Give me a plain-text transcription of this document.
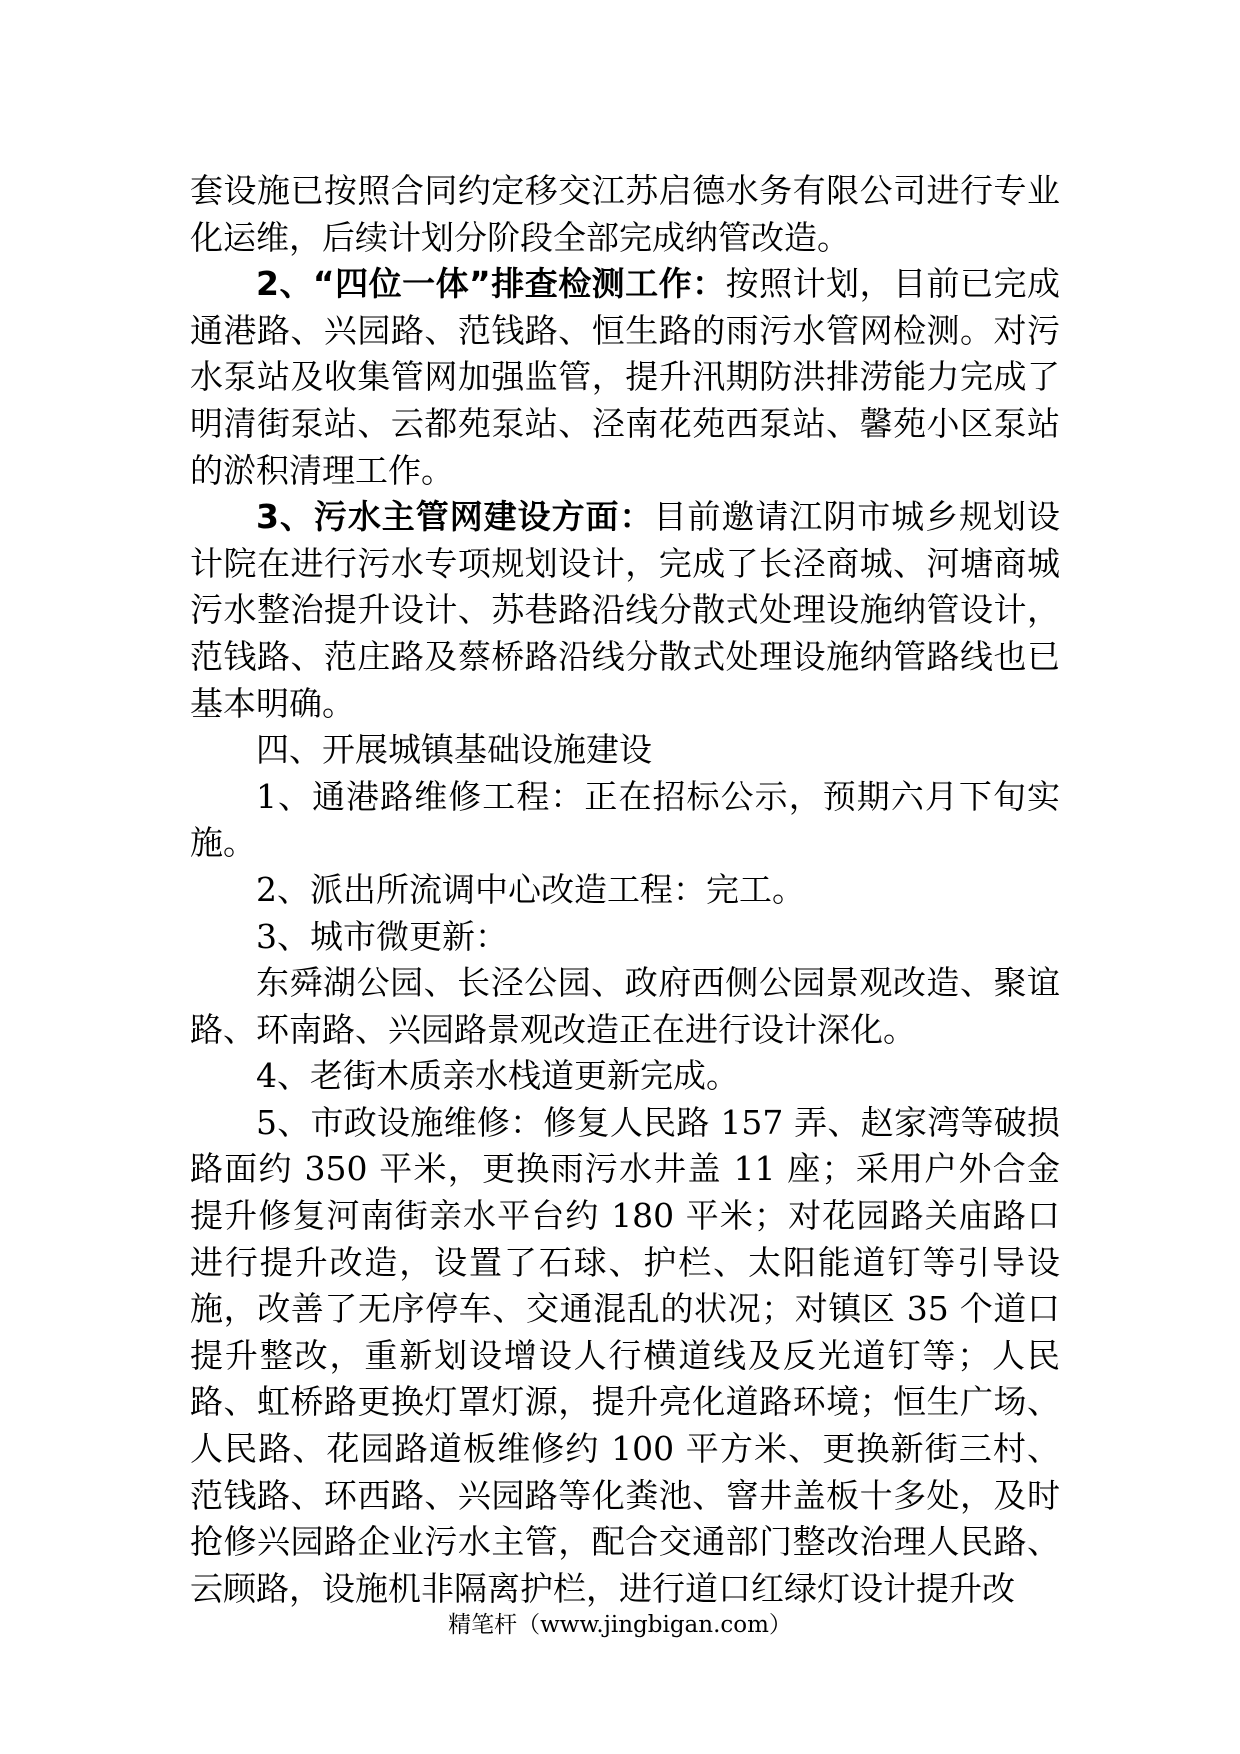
套设施已按照合同约定移交江苏启德水务有限公司进行专业化运维，后续计划分阶段全部完成纳管改造。

2、“四位一体”排查检测工作：按照计划，目前已完成通港路、兴园路、范钱路、恒生路的雨污水管网检测。对污水泵站及收集管网加强监管，提升汛期防洪排涝能力完成了明清街泵站、云都苑泵站、泾南花苑西泵站、馨苑小区泵站的淤积清理工作。

3、污水主管网建设方面：目前邀请江阴市城乡规划设计院在进行污水专项规划设计，完成了长泾商城、河塘商城污水整治提升设计、苏巷路沿线分散式处理设施纳管设计，范钱路、范庄路及蔡桥路沿线分散式处理设施纳管路线也已基本明确。

四、开展城镇基础设施建设

1、通港路维修工程：正在招标公示，预期六月下旬实施。

2、派出所流调中心改造工程：完工。

3、城市微更新：

东舜湖公园、长泾公园、政府西侧公园景观改造、聚谊路、环南路、兴园路景观改造正在进行设计深化。

4、老街木质亲水栈道更新完成。

5、市政设施维修：修复人民路 157 弄、赵家湾等破损路面约 350 平米，更换雨污水井盖 11 座；采用户外合金提升修复河南街亲水平台约 180 平米；对花园路关庙路口进行提升改造，设置了石球、护栏、太阳能道钉等引导设施，改善了无序停车、交通混乱的状况；对镇区 35 个道口提升整改，重新划设增设人行横道线及反光道钉等；人民路、虹桥路更换灯罩灯源，提升亮化道路环境；恒生广场、人民路、花园路道板维修约 100 平方米、更换新街三村、范钱路、环西路、兴园路等化粪池、窨井盖板十多处，及时抢修兴园路企业污水主管，配合交通部门整改治理人民路、云顾路，设施机非隔离护栏，进行道口红绿灯设计提升改

精笔杆（www.jingbigan.com）
